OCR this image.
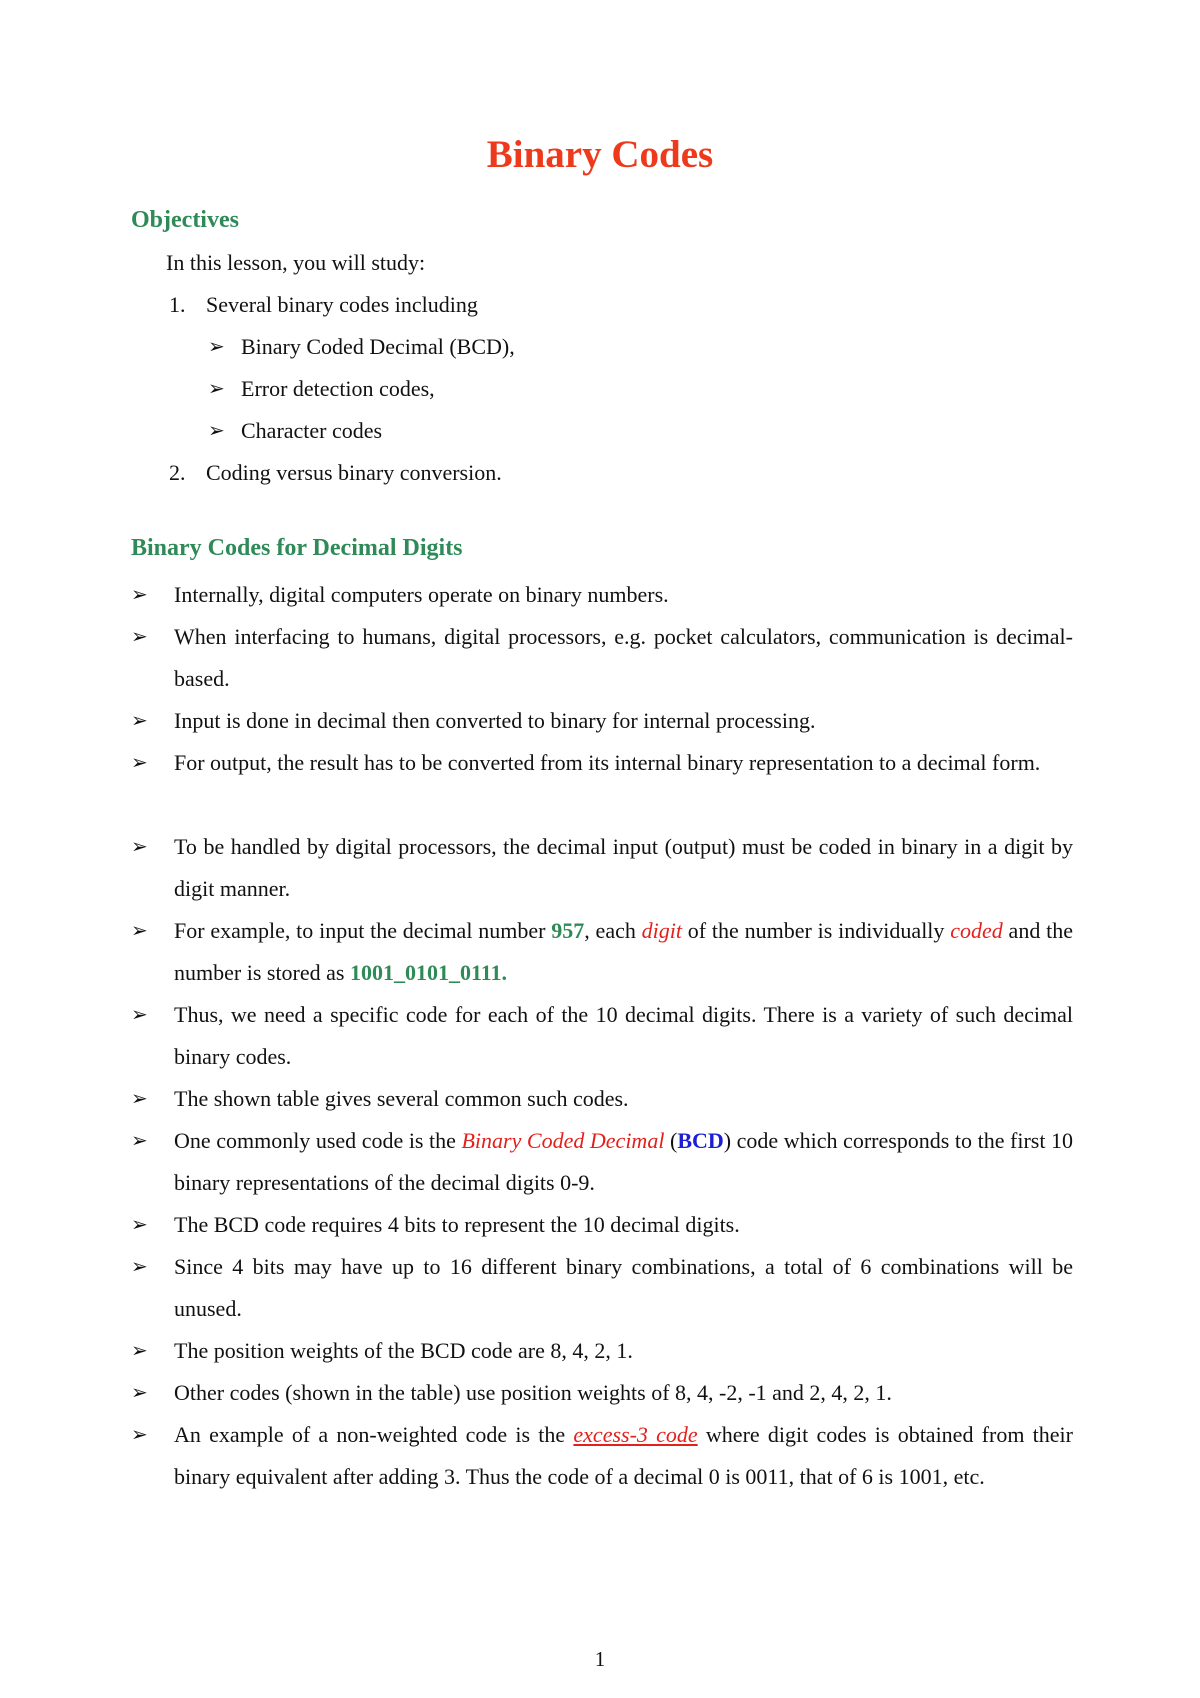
Binary Codes
Objectives
In this lesson, you will study:
1. Several binary codes including
➢ Binary Coded Decimal (BCD),
➢ Error detection codes,
➢ Character codes
2. Coding versus binary conversion.
Binary Codes for Decimal Digits
➢ Internally, digital computers operate on binary numbers.
➢ When interfacing to humans, digital processors, e.g. pocket calculators, communication is decimal-based.
➢ Input is done in decimal then converted to binary for internal processing.
➢ For output, the result has to be converted from its internal binary representation to a decimal form.
➢ To be handled by digital processors, the decimal input (output) must be coded in binary in a digit by digit manner.
➢ For example, to input the decimal number 957, each digit of the number is individually coded and the number is stored as 1001_0101_0111.
➢ Thus, we need a specific code for each of the 10 decimal digits. There is a variety of such decimal binary codes.
➢ The shown table gives several common such codes.
➢ One commonly used code is the Binary Coded Decimal (BCD) code which corresponds to the first 10 binary representations of the decimal digits 0-9.
➢ The BCD code requires 4 bits to represent the 10 decimal digits.
➢ Since 4 bits may have up to 16 different binary combinations, a total of 6 combinations will be unused.
➢ The position weights of the BCD code are 8, 4, 2, 1.
➢ Other codes (shown in the table) use position weights of 8, 4, -2, -1 and 2, 4, 2, 1.
➢ An example of a non-weighted code is the excess-3 code where digit codes is obtained from their binary equivalent after adding 3. Thus the code of a decimal 0 is 0011, that of 6 is 1001, etc.
1
